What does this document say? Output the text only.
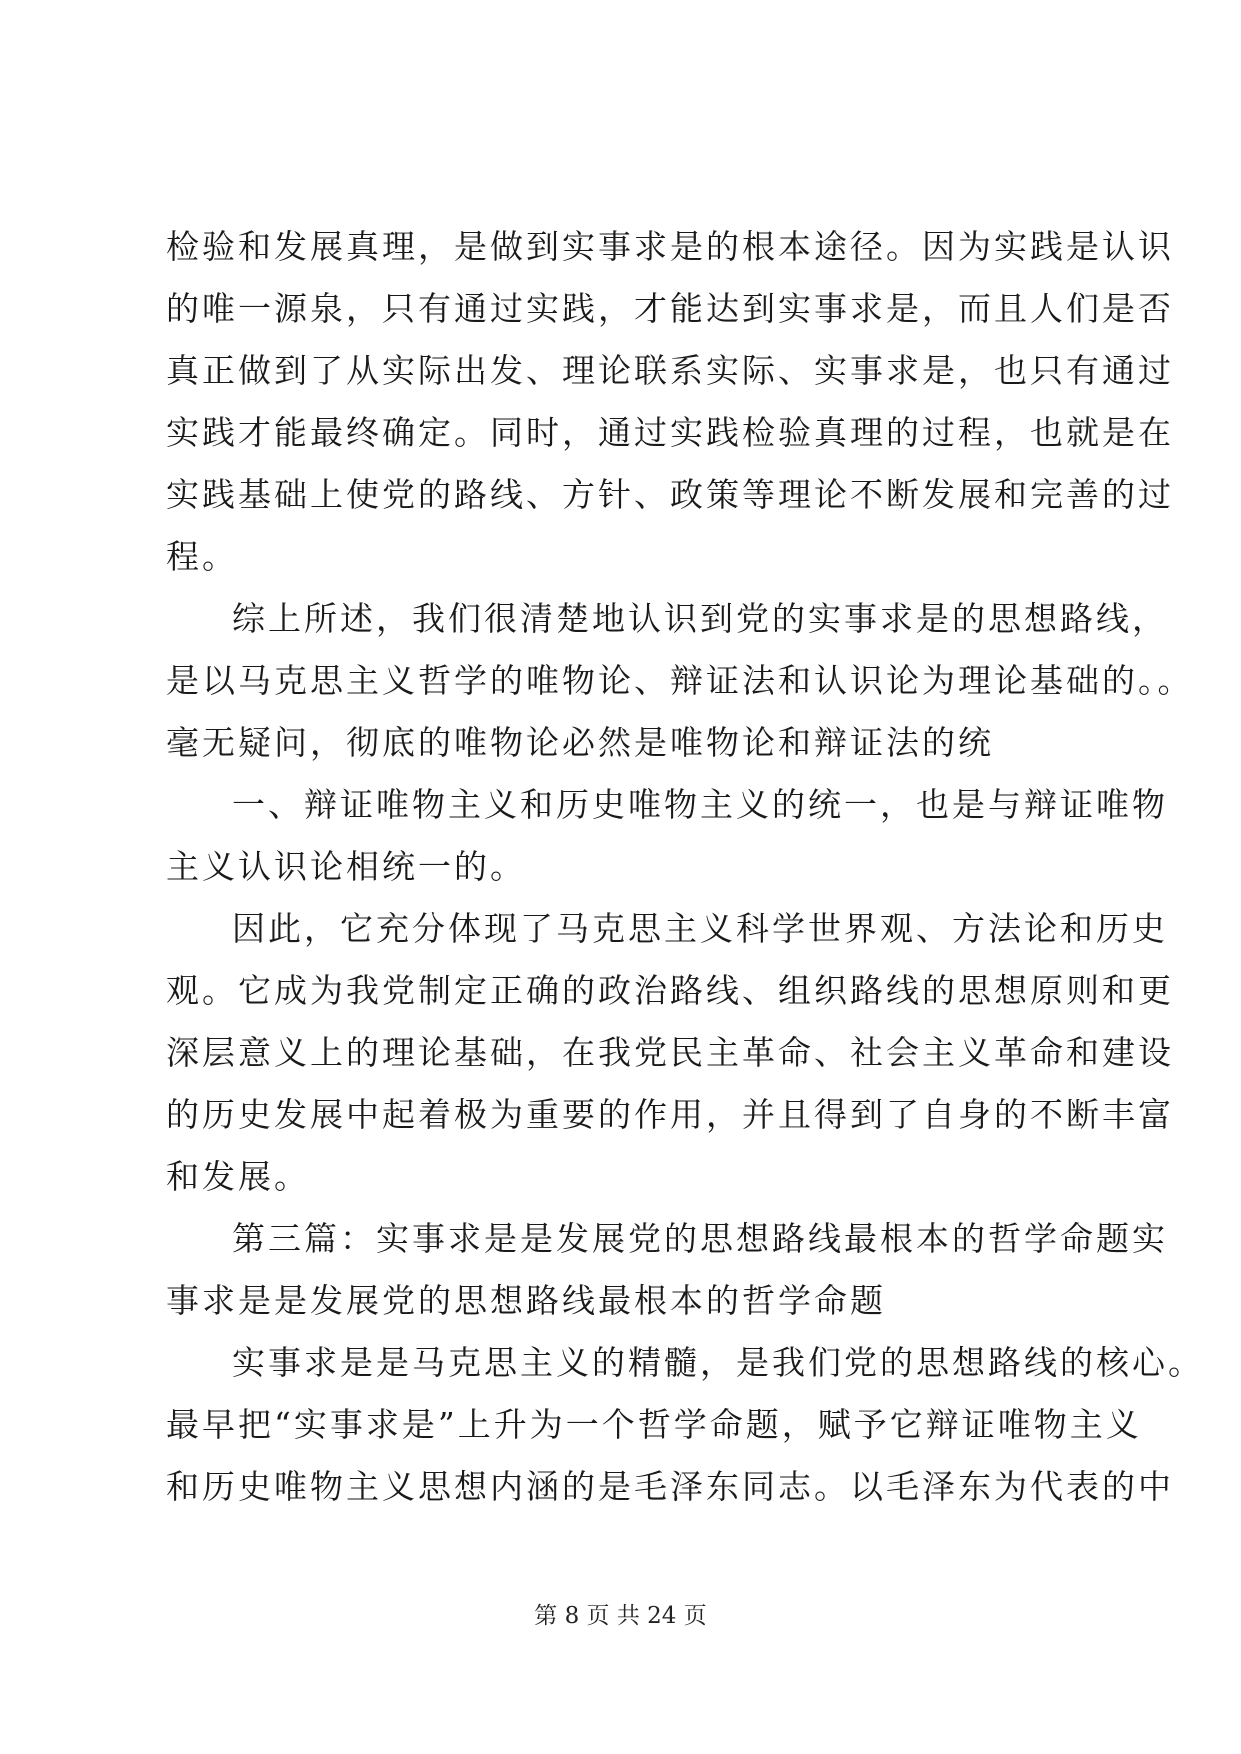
检验和发展真理，是做到实事求是的根本途径。因为实践是认识
的唯一源泉，只有通过实践，才能达到实事求是，而且人们是否
真正做到了从实际出发、理论联系实际、实事求是，也只有通过
实践才能最终确定。同时，通过实践检验真理的过程，也就是在
实践基础上使党的路线、方针、政策等理论不断发展和完善的过
程。
综上所述，我们很清楚地认识到党的实事求是的思想路线，
是以马克思主义哲学的唯物论、辩证法和认识论为理论基础的。。
毫无疑问，彻底的唯物论必然是唯物论和辩证法的统
一、辩证唯物主义和历史唯物主义的统一，也是与辩证唯物
主义认识论相统一的。
因此，它充分体现了马克思主义科学世界观、方法论和历史
观。它成为我党制定正确的政治路线、组织路线的思想原则和更
深层意义上的理论基础，在我党民主革命、社会主义革命和建设
的历史发展中起着极为重要的作用，并且得到了自身的不断丰富
和发展。
第三篇：实事求是是发展党的思想路线最根本的哲学命题实
事求是是发展党的思想路线最根本的哲学命题
实事求是是马克思主义的精髓，是我们党的思想路线的核心。
最早把“实事求是”上升为一个哲学命题，赋予它辩证唯物主义
和历史唯物主义思想内涵的是毛泽东同志。以毛泽东为代表的中
第 8 页 共 24 页
